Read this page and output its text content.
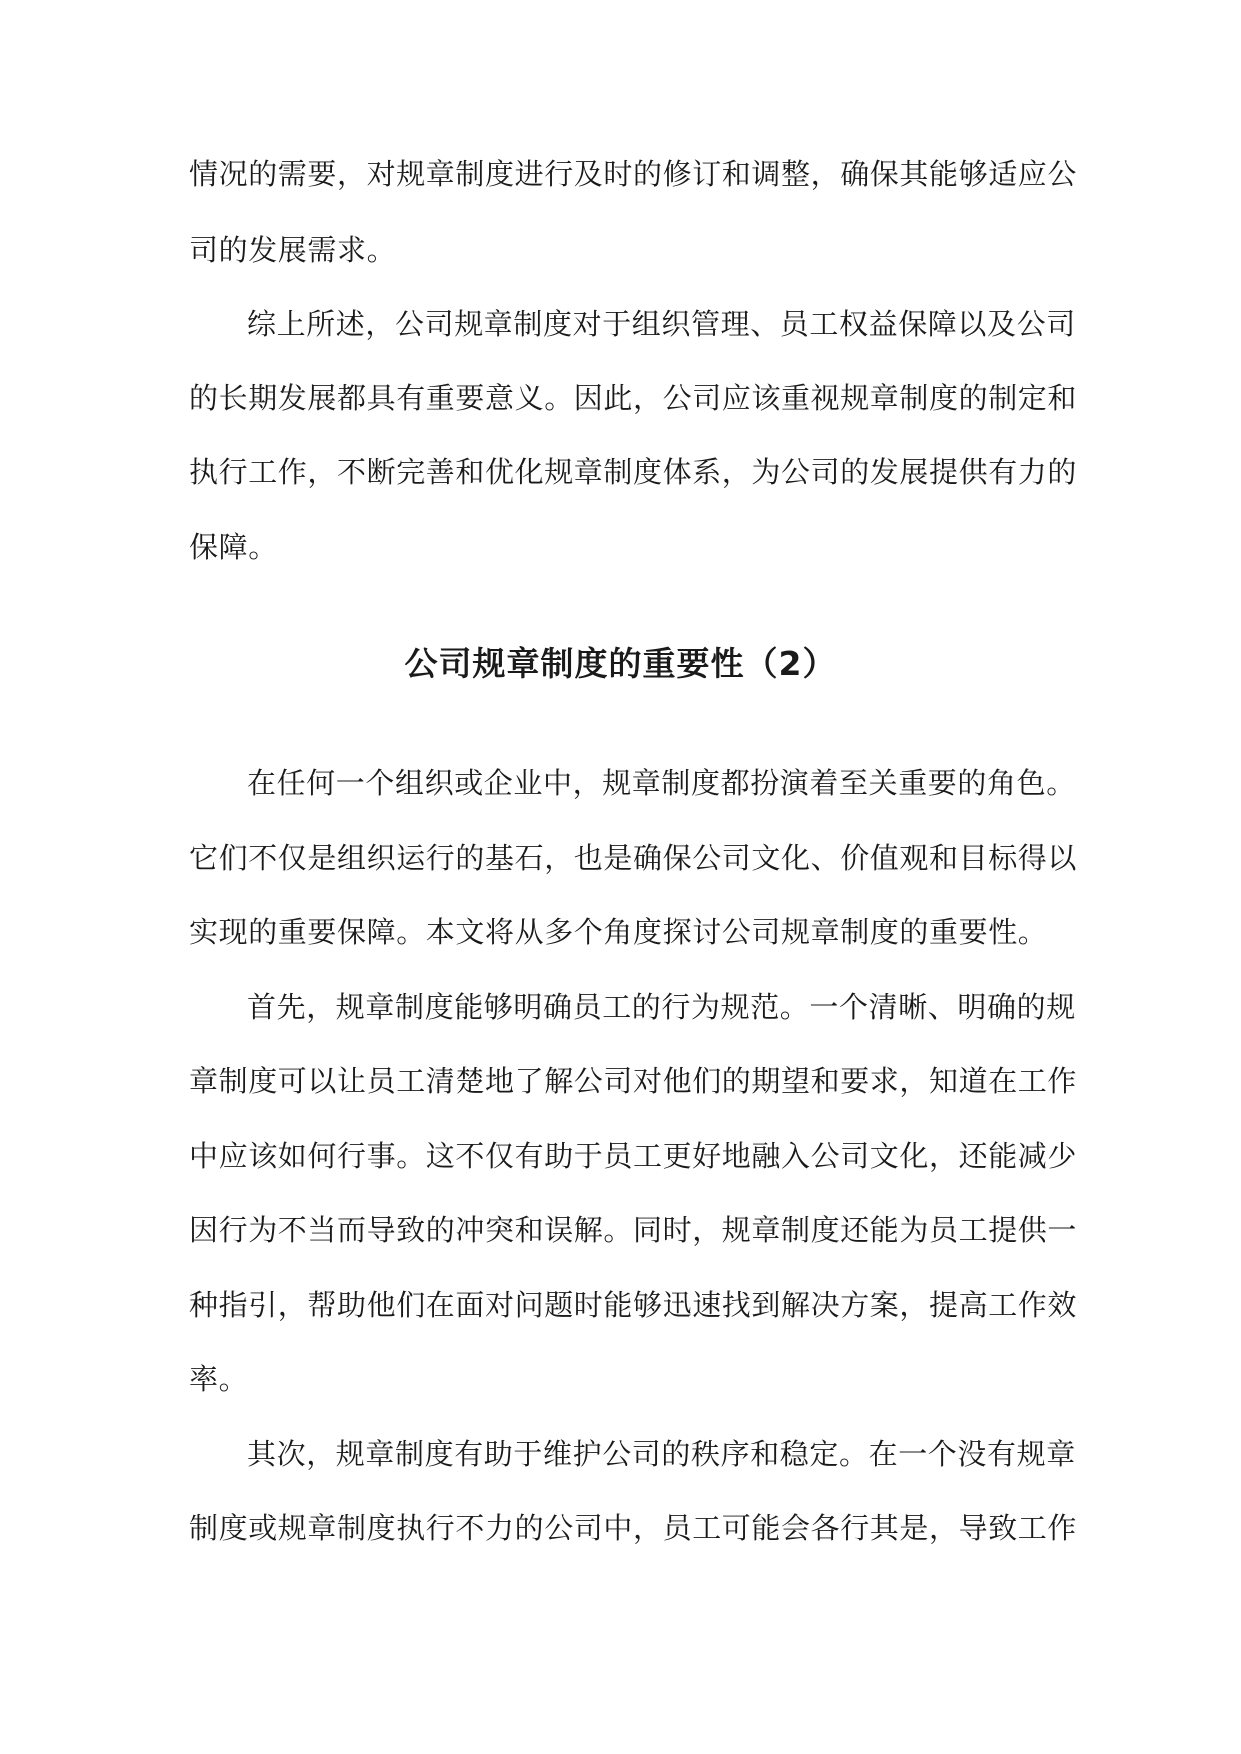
情况的需要，对规章制度进行及时的修订和调整，确保其能够适应公
司的发展需求。
综上所述，公司规章制度对于组织管理、员工权益保障以及公司
的长期发展都具有重要意义。因此，公司应该重视规章制度的制定和
执行工作，不断完善和优化规章制度体系，为公司的发展提供有力的
保障。
公司规章制度的重要性（2）
在任何一个组织或企业中，规章制度都扮演着至关重要的角色。
它们不仅是组织运行的基石，也是确保公司文化、价值观和目标得以
实现的重要保障。本文将从多个角度探讨公司规章制度的重要性。
首先，规章制度能够明确员工的行为规范。一个清晰、明确的规
章制度可以让员工清楚地了解公司对他们的期望和要求，知道在工作
中应该如何行事。这不仅有助于员工更好地融入公司文化，还能减少
因行为不当而导致的冲突和误解。同时，规章制度还能为员工提供一
种指引，帮助他们在面对问题时能够迅速找到解决方案，提高工作效
率。
其次，规章制度有助于维护公司的秩序和稳定。在一个没有规章
制度或规章制度执行不力的公司中，员工可能会各行其是，导致工作
